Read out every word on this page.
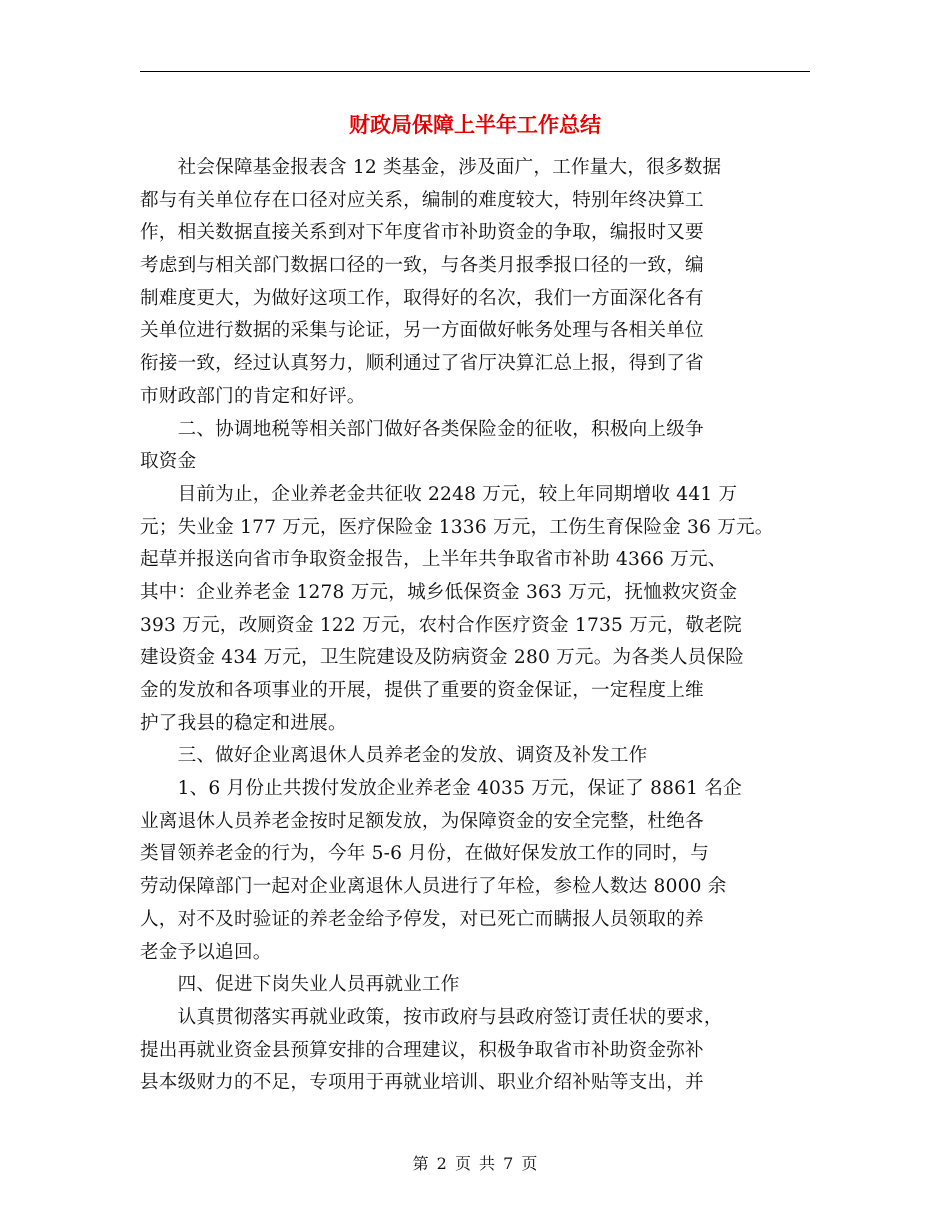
财政局保障上半年工作总结
　　社会保障基金报表含 12 类基金，涉及面广，工作量大，很多数据
都与有关单位存在口径对应关系，编制的难度较大，特别年终决算工
作，相关数据直接关系到对下年度省市补助资金的争取，编报时又要
考虑到与相关部门数据口径的一致，与各类月报季报口径的一致，编
制难度更大，为做好这项工作，取得好的名次，我们一方面深化各有
关单位进行数据的采集与论证，另一方面做好帐务处理与各相关单位
衔接一致，经过认真努力，顺利通过了省厅决算汇总上报，得到了省
市财政部门的肯定和好评。
　　二、协调地税等相关部门做好各类保险金的征收，积极向上级争
取资金
　　目前为止，企业养老金共征收 2248 万元，较上年同期增收 441 万
元；失业金 177 万元，医疗保险金 1336 万元，工伤生育保险金 36 万元。
起草并报送向省市争取资金报告，上半年共争取省市补助 4366 万元、
其中：企业养老金 1278 万元，城乡低保资金 363 万元，抚恤救灾资金
393 万元，改厕资金 122 万元，农村合作医疗资金 1735 万元，敬老院
建设资金 434 万元，卫生院建设及防病资金 280 万元。为各类人员保险
金的发放和各项事业的开展，提供了重要的资金保证，一定程度上维
护了我县的稳定和进展。
　　三、做好企业离退休人员养老金的发放、调资及补发工作
　　1、6 月份止共拨付发放企业养老金 4035 万元，保证了 8861 名企
业离退休人员养老金按时足额发放，为保障资金的安全完整，杜绝各
类冒领养老金的行为，今年 5-6 月份，在做好保发放工作的同时，与
劳动保障部门一起对企业离退休人员进行了年检，参检人数达 8000 余
人，对不及时验证的养老金给予停发，对已死亡而瞒报人员领取的养
老金予以追回。
　　四、促进下岗失业人员再就业工作
　　认真贯彻落实再就业政策，按市政府与县政府签订责任状的要求，
提出再就业资金县预算安排的合理建议，积极争取省市补助资金弥补
县本级财力的不足，专项用于再就业培训、职业介绍补贴等支出，并
第 2 页 共 7 页
